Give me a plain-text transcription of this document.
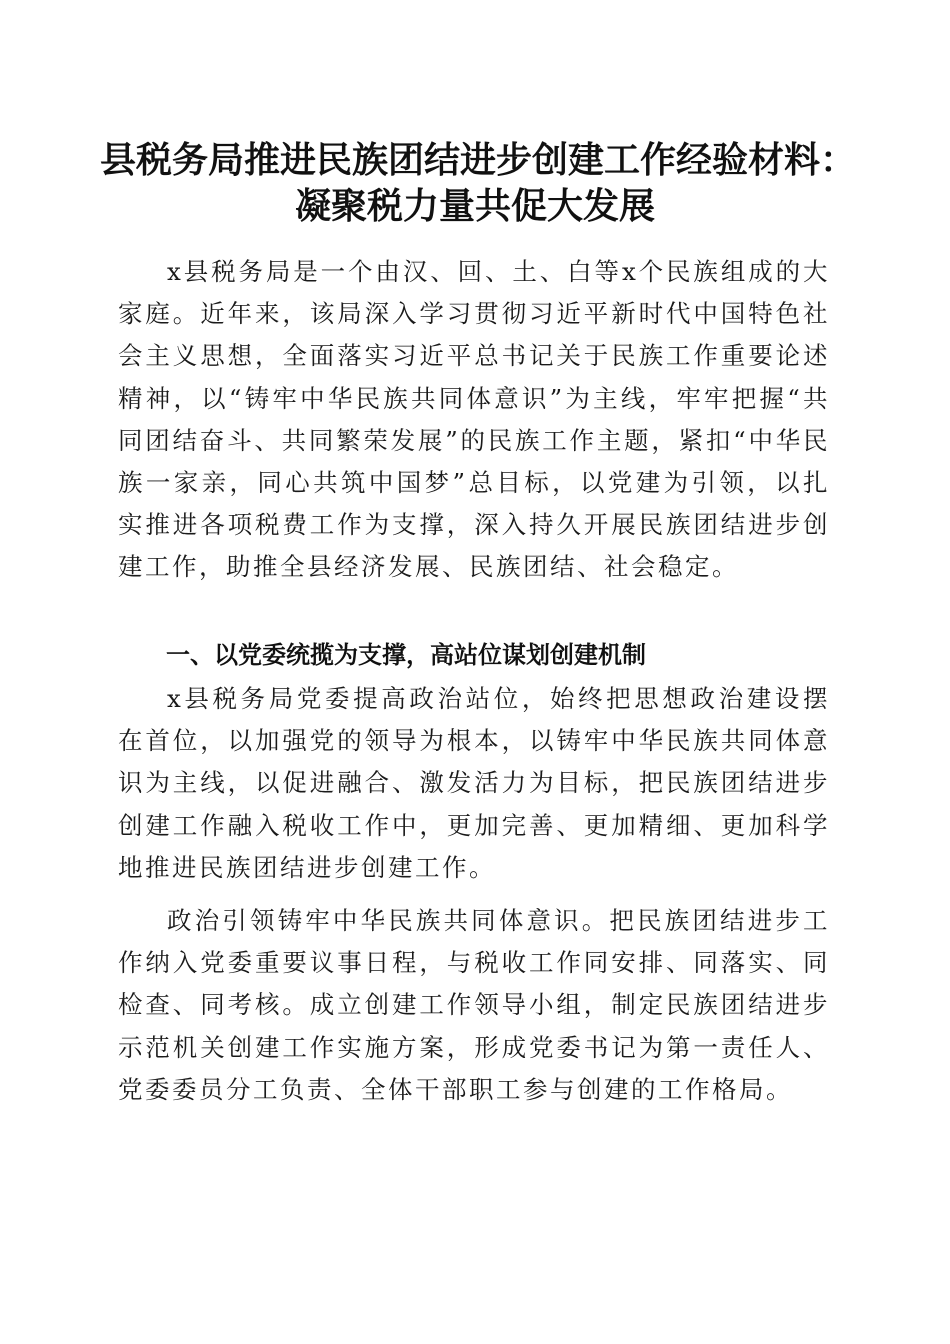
县税务局推进民族团结进步创建工作经验材料：
凝聚税力量共促大发展

x县税务局是一个由汉、回、土、白等x个民族组成的大家庭。近年来，该局深入学习贯彻习近平新时代中国特色社会主义思想，全面落实习近平总书记关于民族工作重要论述精神，以“铸牢中华民族共同体意识”为主线，牢牢把握“共同团结奋斗、共同繁荣发展”的民族工作主题，紧扣“中华民族一家亲，同心共筑中国梦”总目标，以党建为引领，以扎实推进各项税费工作为支撑，深入持久开展民族团结进步创建工作，助推全县经济发展、民族团结、社会稳定。

一、以党委统揽为支撑，高站位谋划创建机制

x县税务局党委提高政治站位，始终把思想政治建设摆在首位，以加强党的领导为根本，以铸牢中华民族共同体意识为主线，以促进融合、激发活力为目标，把民族团结进步创建工作融入税收工作中，更加完善、更加精细、更加科学地推进民族团结进步创建工作。

政治引领铸牢中华民族共同体意识。把民族团结进步工作纳入党委重要议事日程，与税收工作同安排、同落实、同检查、同考核。成立创建工作领导小组，制定民族团结进步示范机关创建工作实施方案，形成党委书记为第一责任人、党委委员分工负责、全体干部职工参与创建的工作格局。
